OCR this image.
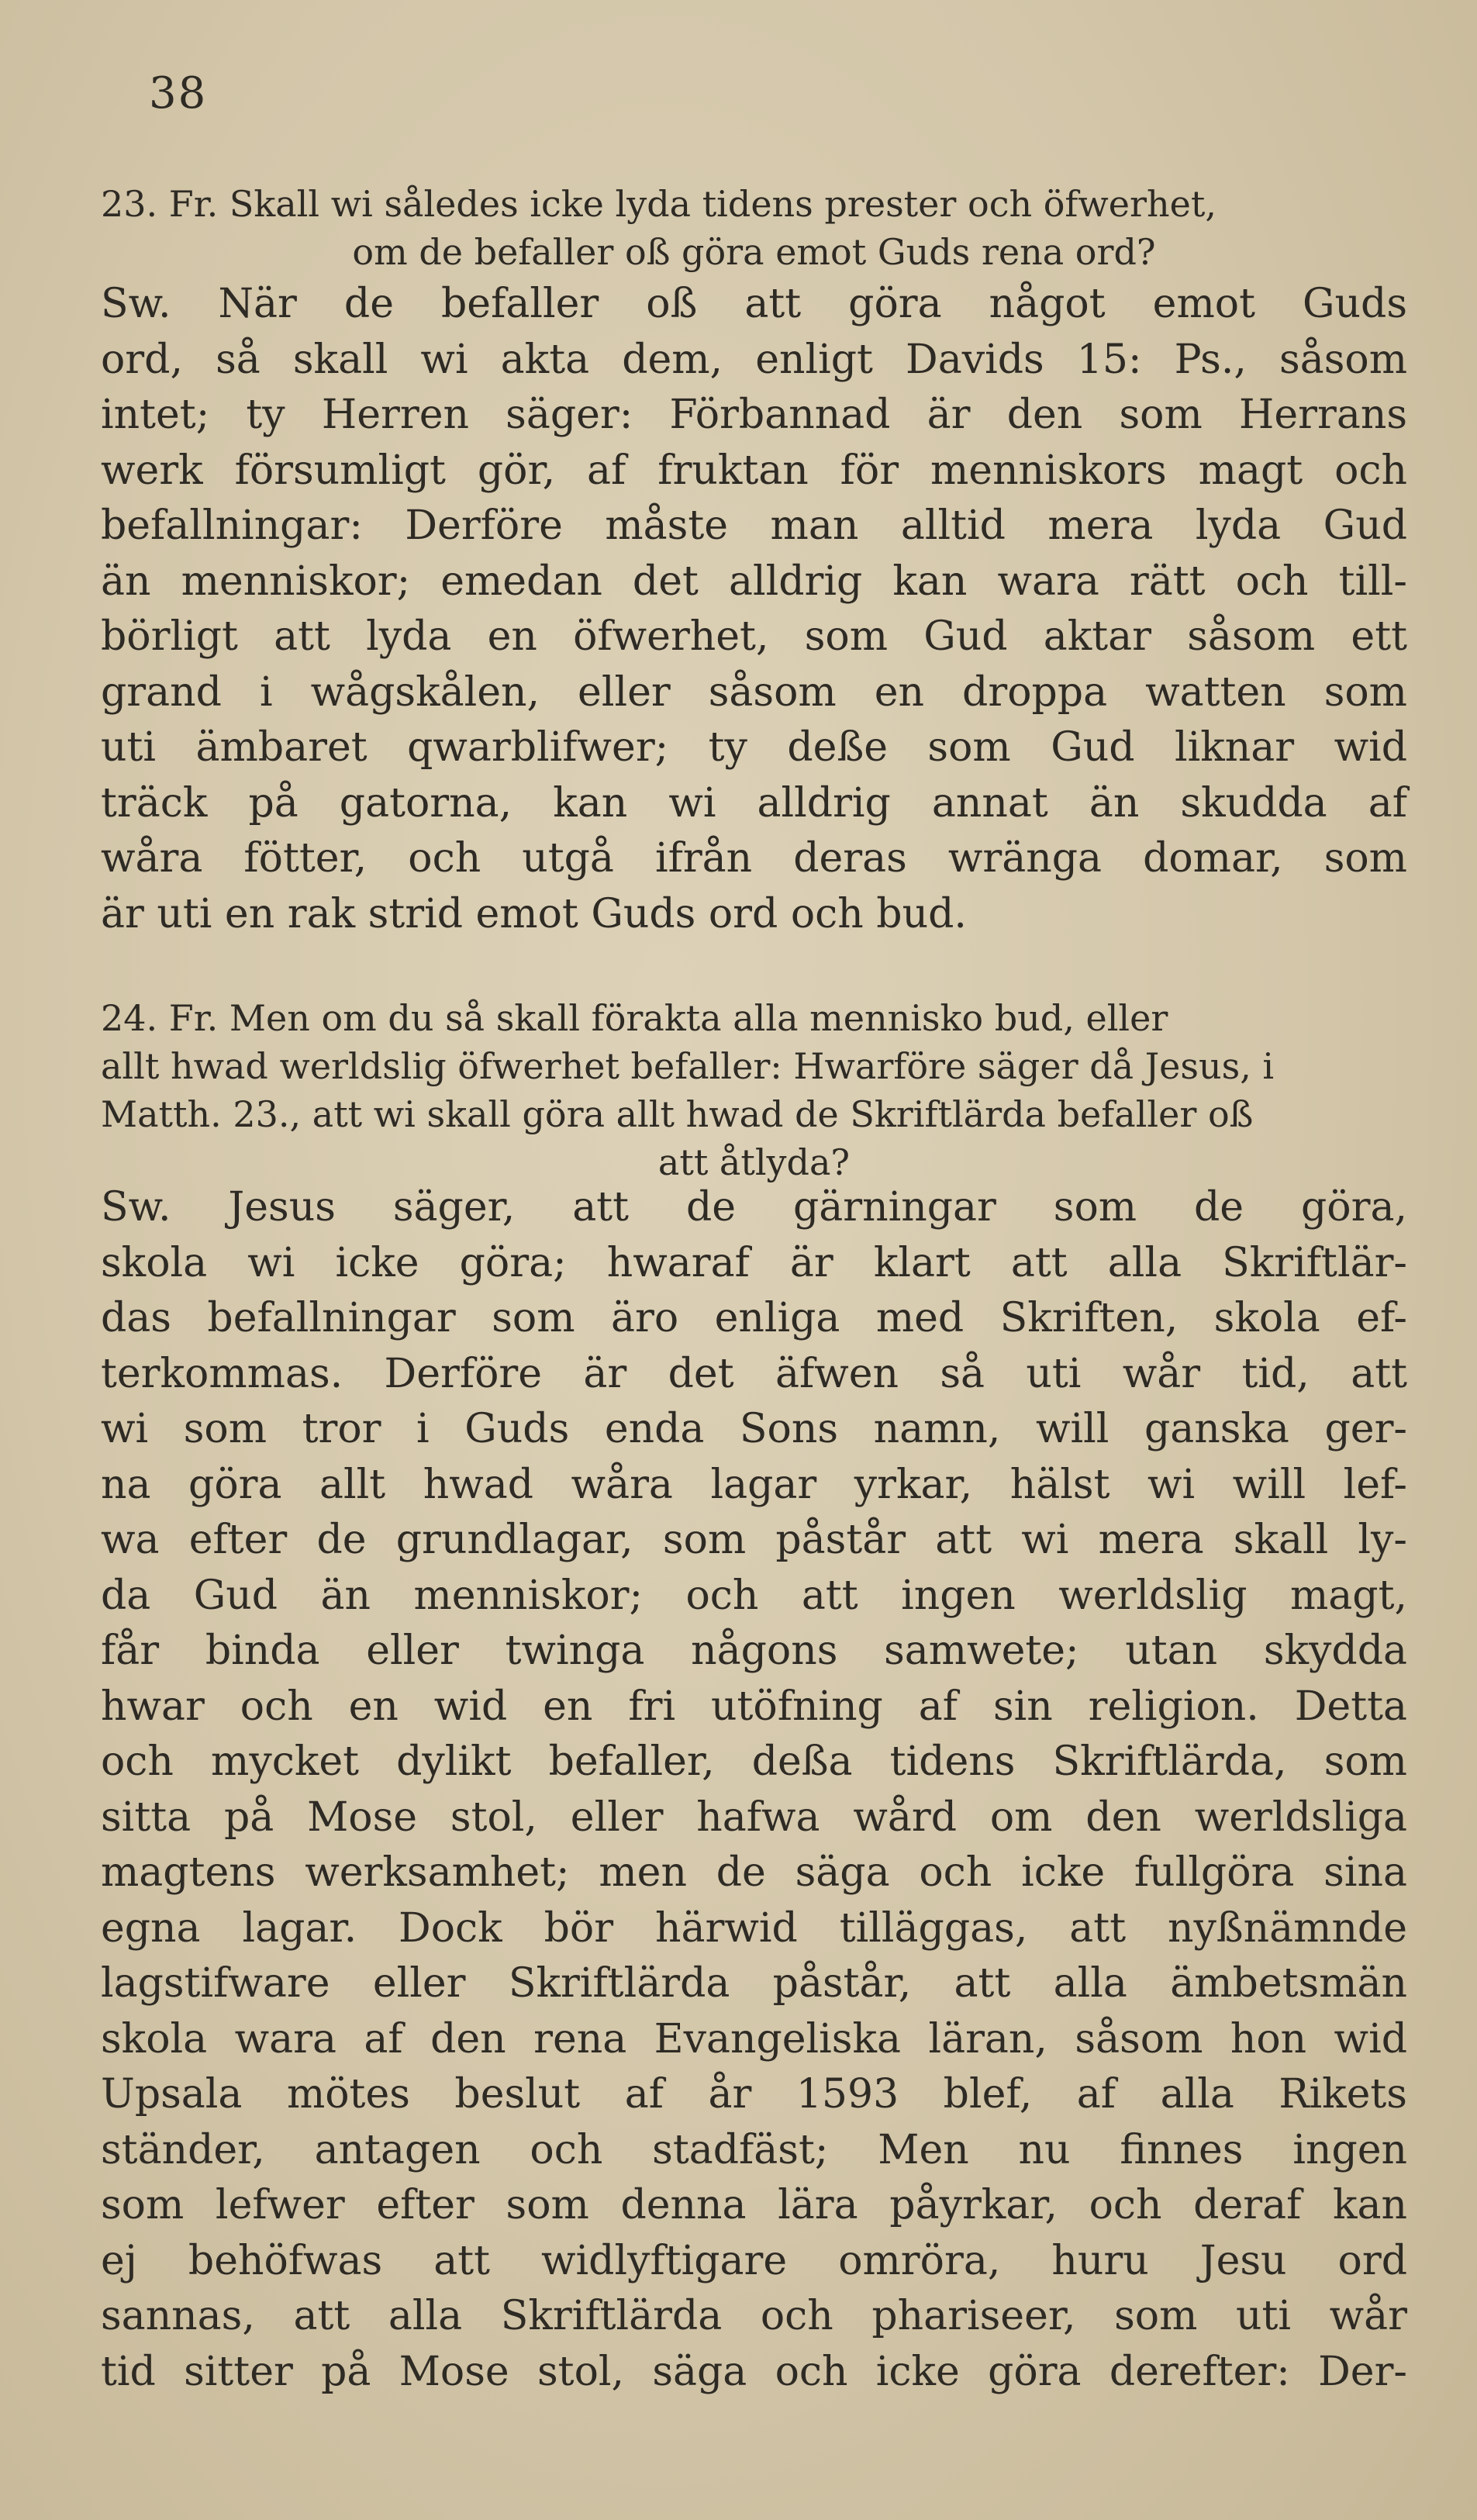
38
23. Fr. Skall wi således icke lyda tidens prester och öfwerhet,
om de befaller oß göra emot Guds rena ord?
Sw. När de befaller oß att göra något emot Guds
ord, så skall wi akta dem, enligt Davids 15: Ps., såsom
intet; ty Herren säger: Förbannad är den som Herrans
werk försumligt gör, af fruktan för menniskors magt och
befallningar: Derföre måste man alltid mera lyda Gud
än menniskor; emedan det alldrig kan wara rätt och till-
börligt att lyda en öfwerhet, som Gud aktar såsom ett
grand i wågskålen, eller såsom en droppa watten som
uti ämbaret qwarblifwer; ty deße som Gud liknar wid
träck på gatorna, kan wi alldrig annat än skudda af
wåra fötter, och utgå ifrån deras wränga domar, som
är uti en rak strid emot Guds ord och bud.
24. Fr. Men om du så skall förakta alla mennisko bud, eller
allt hwad werldslig öfwerhet befaller: Hwarföre säger då Jesus, i
Matth. 23., att wi skall göra allt hwad de Skriftlärda befaller oß
att åtlyda?
Sw. Jesus säger, att de gärningar som de göra,
skola wi icke göra; hwaraf är klart att alla Skriftlär-
das befallningar som äro enliga med Skriften, skola ef-
terkommas. Derföre är det äfwen så uti wår tid, att
wi som tror i Guds enda Sons namn, will ganska ger-
na göra allt hwad wåra lagar yrkar, hälst wi will lef-
wa efter de grundlagar, som påstår att wi mera skall ly-
da Gud än menniskor; och att ingen werldslig magt,
får binda eller twinga någons samwete; utan skydda
hwar och en wid en fri utöfning af sin religion. Detta
och mycket dylikt befaller, deßa tidens Skriftlärda, som
sitta på Mose stol, eller hafwa wård om den werldsliga
magtens werksamhet; men de säga och icke fullgöra sina
egna lagar. Dock bör härwid tilläggas, att nyßnämnde
lagstifware eller Skriftlärda påstår, att alla ämbetsmän
skola wara af den rena Evangeliska läran, såsom hon wid
Upsala mötes beslut af år 1593 blef, af alla Rikets
ständer, antagen och stadfäst; Men nu finnes ingen
som lefwer efter som denna lära påyrkar, och deraf kan
ej behöfwas att widlyftigare omröra, huru Jesu ord
sannas, att alla Skriftlärda och phariseer, som uti wår
tid sitter på Mose stol, säga och icke göra derefter: Der-
